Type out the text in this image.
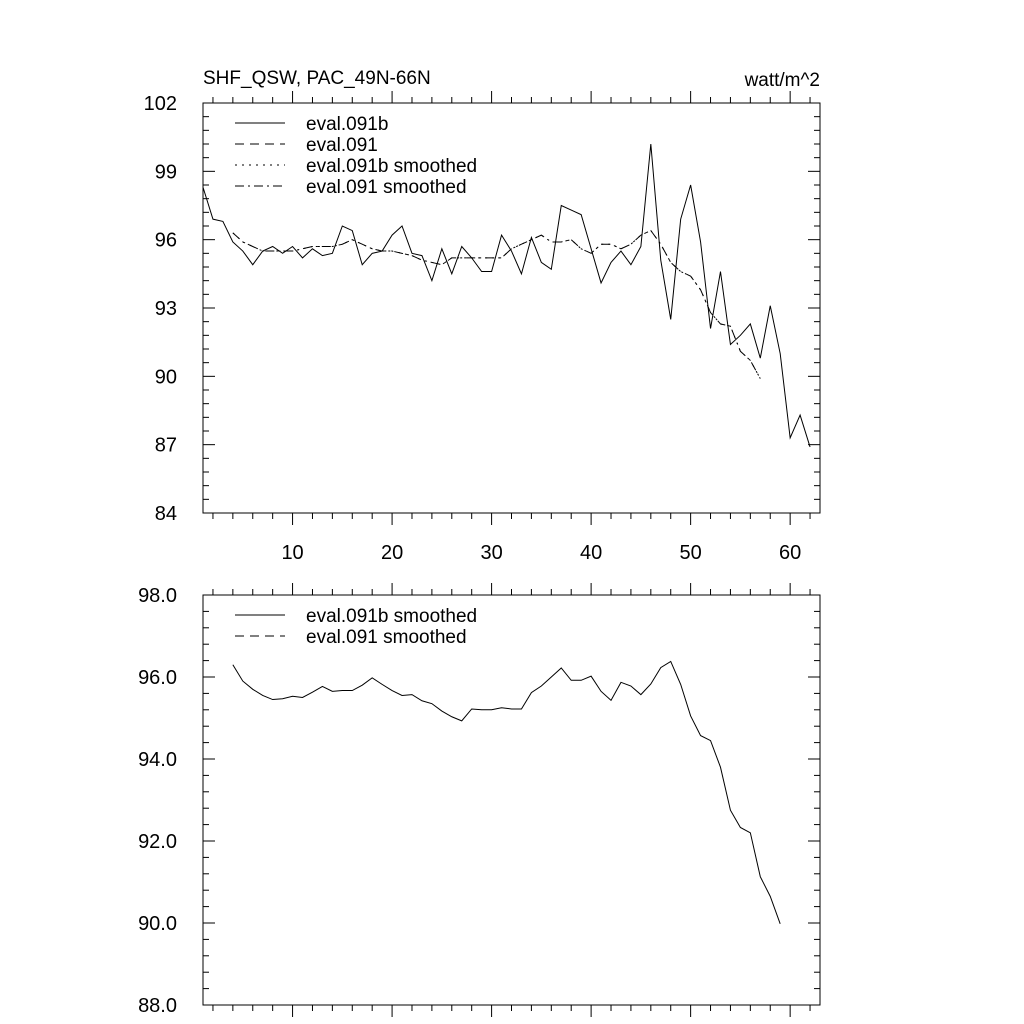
SHF_QSW, PAC_49N-66N	watt/m^2
10	20	30	40	50	60
84
87
90
93
96
99
102
eval.091b
eval.091
eval.091b smoothed
eval.091 smoothed
88.0
90.0
92.0
94.0
96.0
98.0
eval.091b smoothed
eval.091 smoothed
